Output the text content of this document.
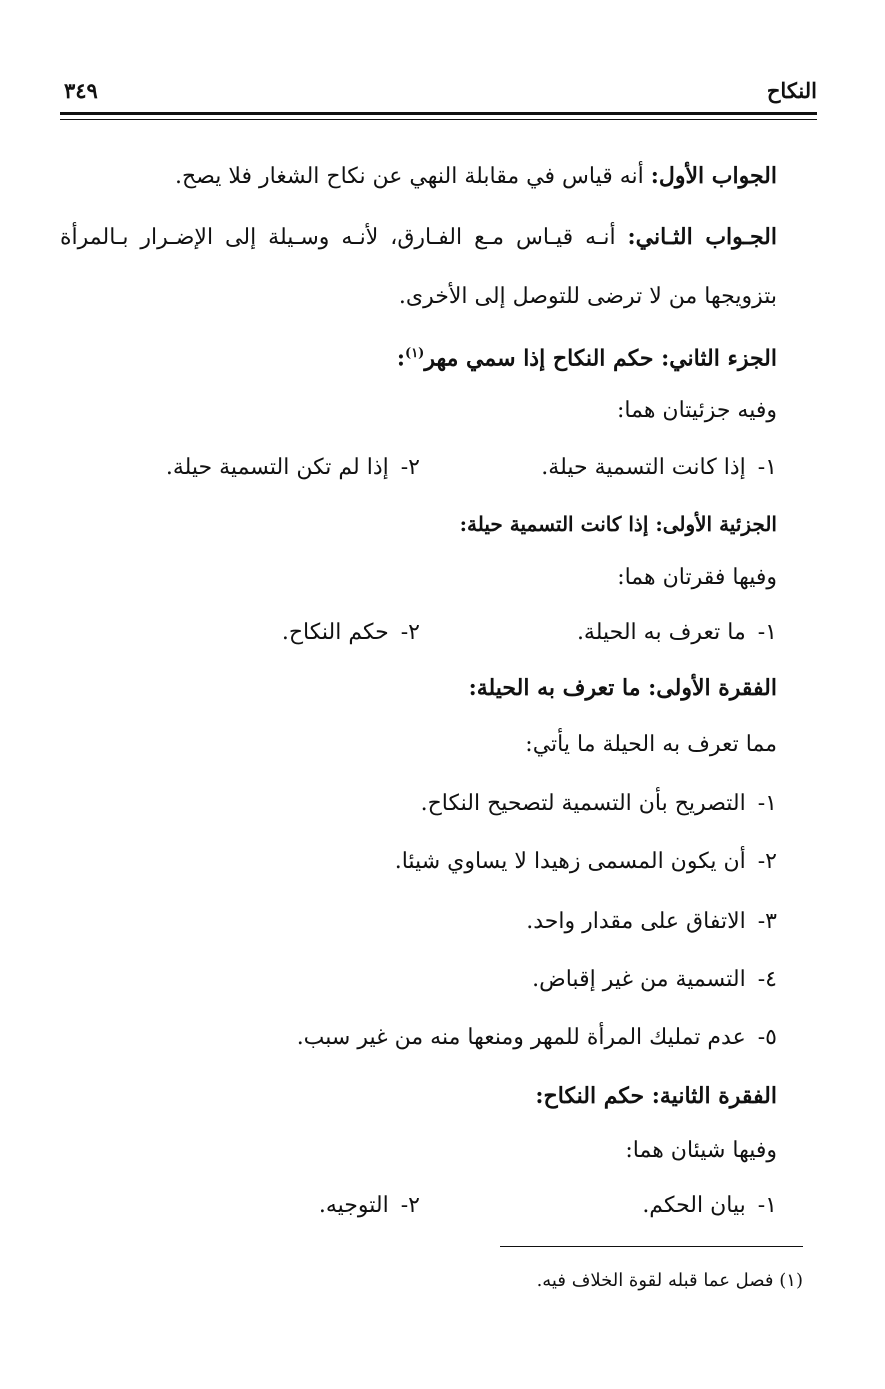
النكاح
٣٤٩
الجواب الأول: أنه قياس في مقابلة النهي عن نكاح الشغار فلا يصح.
الجـواب الثـاني: أنـه قيـاس مـع الفـارق، لأنـه وسـيلة إلى الإضـرار بـالمرأة
بتزويجها من لا ترضى للتوصل إلى الأخرى.
الجزء الثاني: حكم النكاح إذا سمي مهر$^{(١)}$:
وفيه جزئيتان هما:
١-إذا كانت التسمية حيلة.
٢-إذا لم تكن التسمية حيلة.
الجزئية الأولى: إذا كانت التسمية حيلة:
وفيها فقرتان هما:
١-ما تعرف به الحيلة.
٢-حكم النكاح.
الفقرة الأولى: ما تعرف به الحيلة:
مما تعرف به الحيلة ما يأتي:
١-التصريح بأن التسمية لتصحيح النكاح.
٢-أن يكون المسمى زهيدا لا يساوي شيئا.
٣-الاتفاق على مقدار واحد.
٤-التسمية من غير إقباض.
٥-عدم تمليك المرأة للمهر ومنعها منه من غير سبب.
الفقرة الثانية: حكم النكاح:
وفيها شيئان هما:
١-بيان الحكم.
٢-التوجيه.
(١) فصل عما قبله لقوة الخلاف فيه.
